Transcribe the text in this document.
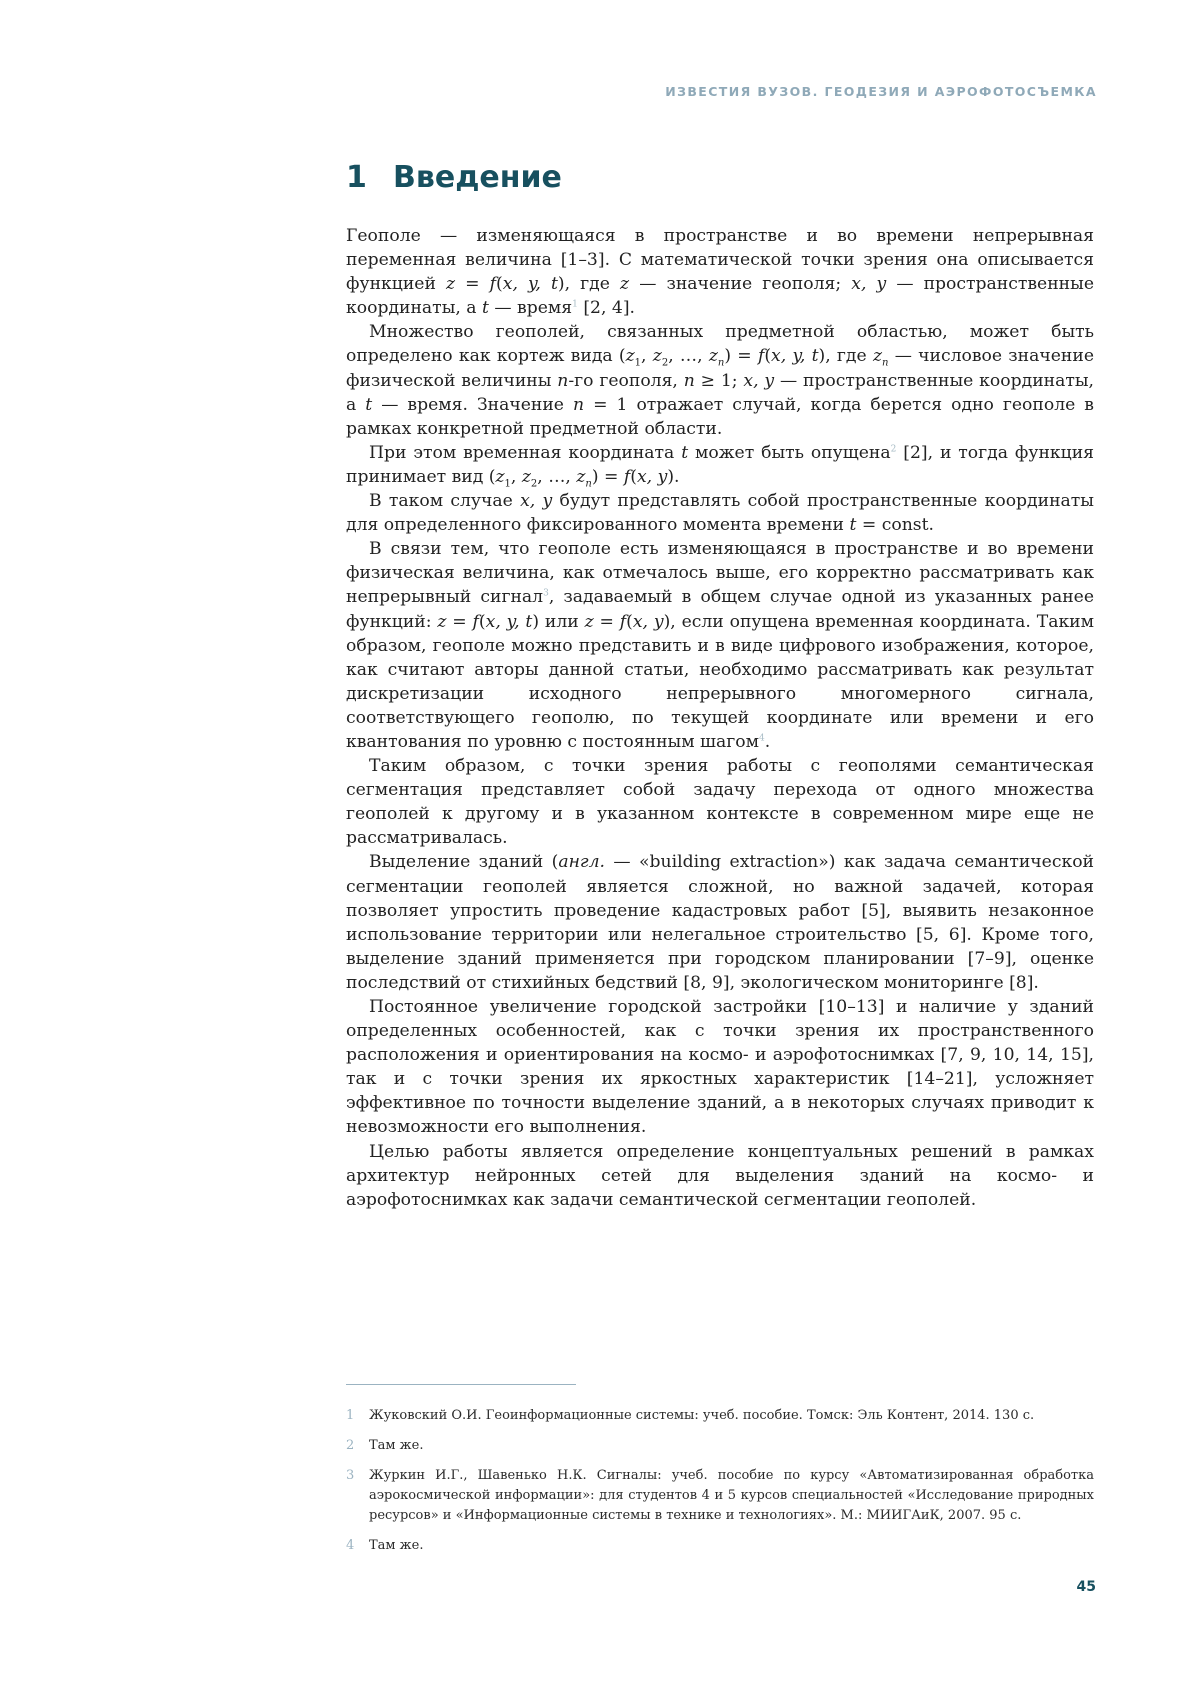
ИЗВЕСТИЯ ВУЗОВ. ГЕОДЕЗИЯ И АЭРОФОТОСЪЕМКА
1 Введение

Геополе — изменяющаяся в пространстве и во времени непрерывная переменная величина [1–3]. С математической точки зрения она описывается функцией z = f(x, y, t), где z — значение геополя; x, y — пространственные координаты, а t — время$^1$ [2, 4].

Множество геополей, связанных предметной областью, может быть определено как кортеж вида ($z_1$, $z_2$, …, $z_n) = f(x$, y, t), где $z_n$ — числовое значение физической величины n-го геополя, n ≥ 1; x, y — пространственные координаты, а t — время. Значение n = 1 отражает случай, когда берется одно геополе в рамках конкретной предметной области.

При этом временная координата t может быть опущена$^2$ [2], и тогда функция принимает вид ($z_1$, $z_2$, …, $z_n) = f(x$, y).

В таком случае x, y будут представлять собой пространственные координаты для определенного фиксированного момента времени t = const.

В связи тем, что геополе есть изменяющаяся в пространстве и во времени физическая величина, как отмечалось выше, его корректно рассматривать как непрерывный сигнал$^3$, задаваемый в общем случае одной из указанных ранее функций: z = f(x, y, t) или z = f(x, y), если опущена временная координата. Таким образом, геополе можно представить и в виде цифрового изображения, которое, как считают авторы данной статьи, необходимо рассматривать как результат дискретизации исходного непрерывного многомерного сигнала, соответствующего геополю, по текущей координате или времени и его квантования по уровню с постоянным шагом$^4$.

Таким образом, с точки зрения работы с геополями семантическая сегментация представляет собой задачу перехода от одного множества геополей к другому и в указанном контексте в современном мире еще не рассматривалась.

Выделение зданий (англ. — «building extraction») как задача семантической сегментации геополей является сложной, но важной задачей, которая позволяет упростить проведение кадастровых работ [5], выявить незаконное использование территории или нелегальное строительство [5, 6]. Кроме того, выделение зданий применяется при городском планировании [7–9], оценке последствий от стихийных бедствий [8, 9], экологическом мониторинге [8].

Постоянное увеличение городской застройки [10–13] и наличие у зданий определенных особенностей, как с точки зрения их пространственного расположения и ориентирования на космо- и аэрофотоснимках [7, 9, 10, 14, 15], так и с точки зрения их яркостных характеристик [14–21], усложняет эффективное по точности выделение зданий, а в некоторых случаях приводит к невозможности его выполнения.

Целью работы является определение концептуальных решений в рамках архитектур нейронных сетей для выделения зданий на космо- и аэрофотоснимках как задачи семантической сегментации геополей.

1	Жуковский О.И. Геоинформационные системы: учеб. пособие. Томск: Эль Контент, 2014. 130 с.
2	Там же.
3	Журкин И.Г., Шавенько Н.К. Сигналы: учеб. пособие по курсу «Автоматизированная обработка аэрокосмической информации»: для студентов 4 и 5 курсов специальностей «Исследование природных ресурсов» и «Информационные системы в технике и технологиях». М.: МИИГАиК, 2007. 95 с.
4	Там же.
45
